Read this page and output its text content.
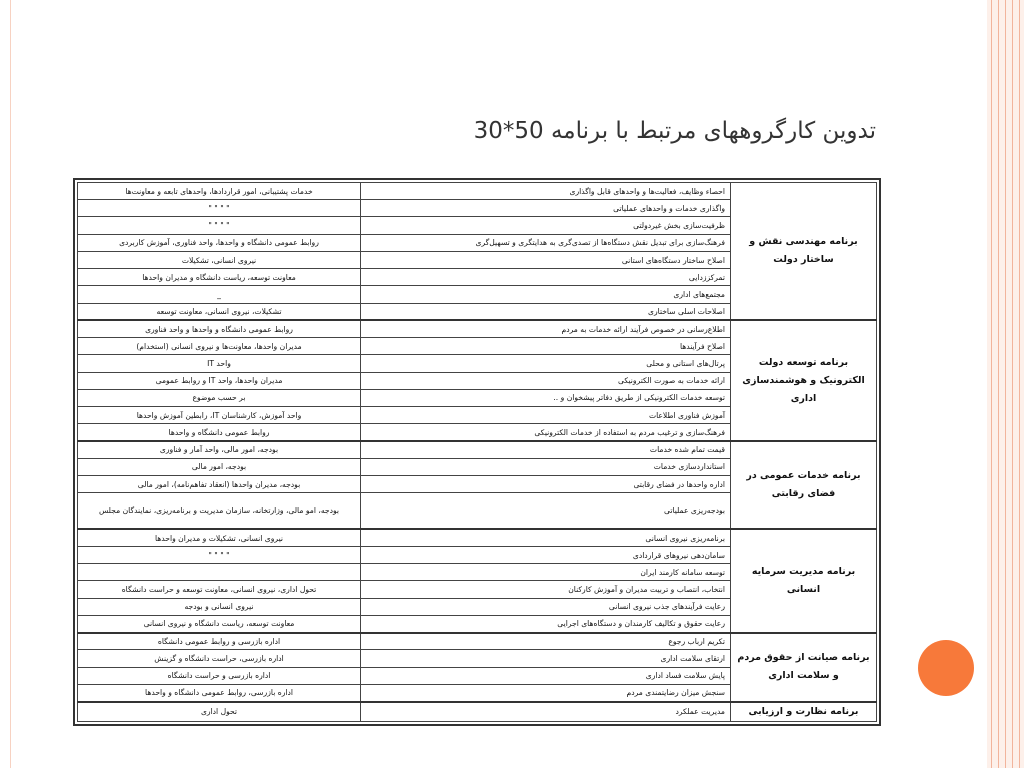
تدوین کارگروههای مرتبط با برنامه 50*30
برنامه مهندسی نقش و ساختار دولت	احصاء وظایف، فعالیت‌ها و واحدهای قابل واگذاری	خدمات پشتیبانی، امور قراردادها، واحدهای تابعه و معاونت‌ها
	واگذاری خدمات و واحدهای عملیاتی	" " " "
	ظرفیت‌سازی بخش غیردولتی	" " " "
	فرهنگ‌سازی برای تبدیل نقش دستگاه‌ها از تصدی‌گری به هدایتگری و تسهیل‌گری	روابط عمومی دانشگاه و واحدها، واحد فناوری، آموزش کاربردی
	اصلاح ساختار دستگاه‌های استانی	نیروی انسانی، تشکیلات
	تمرکززدایی	معاونت توسعه، ریاست دانشگاه و مدیران واحدها
	مجتمع‌های اداری	_
	اصلاحات اسلی ساختاری	تشکیلات، نیروی انسانی، معاونت توسعه
برنامه توسعه دولت الکترونیک و هوشمندسازی اداری	اطلاع‌رسانی در خصوص فرآیند ارائه خدمات به مردم	روابط عمومی دانشگاه و واحدها و واحد فناوری
	اصلاح فرآیندها	مدیران واحدها، معاونت‌ها و نیروی انسانی (استخدام)
	پرتال‌های استانی و محلی	واحد IT
	ارائه خدمات به صورت الکترونیکی	مدیران واحدها، واحد IT و روابط عمومی
	توسعه خدمات الکترونیکی از طریق دفاتر پیشخوان و ..	بر حسب موضوع
	آموزش فناوری اطلاعات	واحد آموزش، کارشناسان IT، رابطین آموزش واحدها
	فرهنگ‌سازی و ترغیب مردم به استفاده از خدمات الکترونیکی	روابط عمومی دانشگاه و واحدها
برنامه خدمات عمومی در فضای رقابتی	قیمت تمام شده خدمات	بودجه، امور مالی، واحد آمار و فناوری
	استانداردسازی خدمات	بودجه، امور مالی
	اداره واحدها در فضای رقابتی	بودجه، مدیران واحدها (انعقاد تفاهم‌نامه)، امور مالی
	بودجه‌ریزی عملیاتی	بودجه، امو مالی، وزارتخانه، سازمان مدیریت و برنامه‌ریزی، نمایندگان مجلس
برنامه مدیریت سرمایه انسانی	برنامه‌ریزی نیروی انسانی	نیروی انسانی، تشکیلات و مدیران واحدها
	سامان‌دهی نیروهای قراردادی	" " " "
	توسعه سامانه کارمند ایران	
	انتخاب، انتصاب و تربیت مدیران و آموزش کارکنان	تحول اداری، نیروی انسانی، معاونت توسعه و حراست دانشگاه
	رعایت فرآیندهای جذب نیروی انسانی	نیروی انسانی و بودجه
	رعایت حقوق و تکالیف کارمندان و دستگاه‌های اجرایی	معاونت توسعه، ریاست دانشگاه و نیروی انسانی
برنامه صیانت از حقوق مردم و سلامت اداری	تکریم ارباب رجوع	اداره بازرسی و روابط عمومی دانشگاه
	ارتقای سلامت اداری	اداره بازرسی، حراست دانشگاه و گزینش
	پایش سلامت فساد اداری	اداره بازرسی و حراست دانشگاه
	سنجش میزان رضایتمندی مردم	اداره بازرسی، روابط عمومی دانشگاه و واحدها
برنامه نظارت و ارزیابی	مدیریت عملکرد	تحول اداری
